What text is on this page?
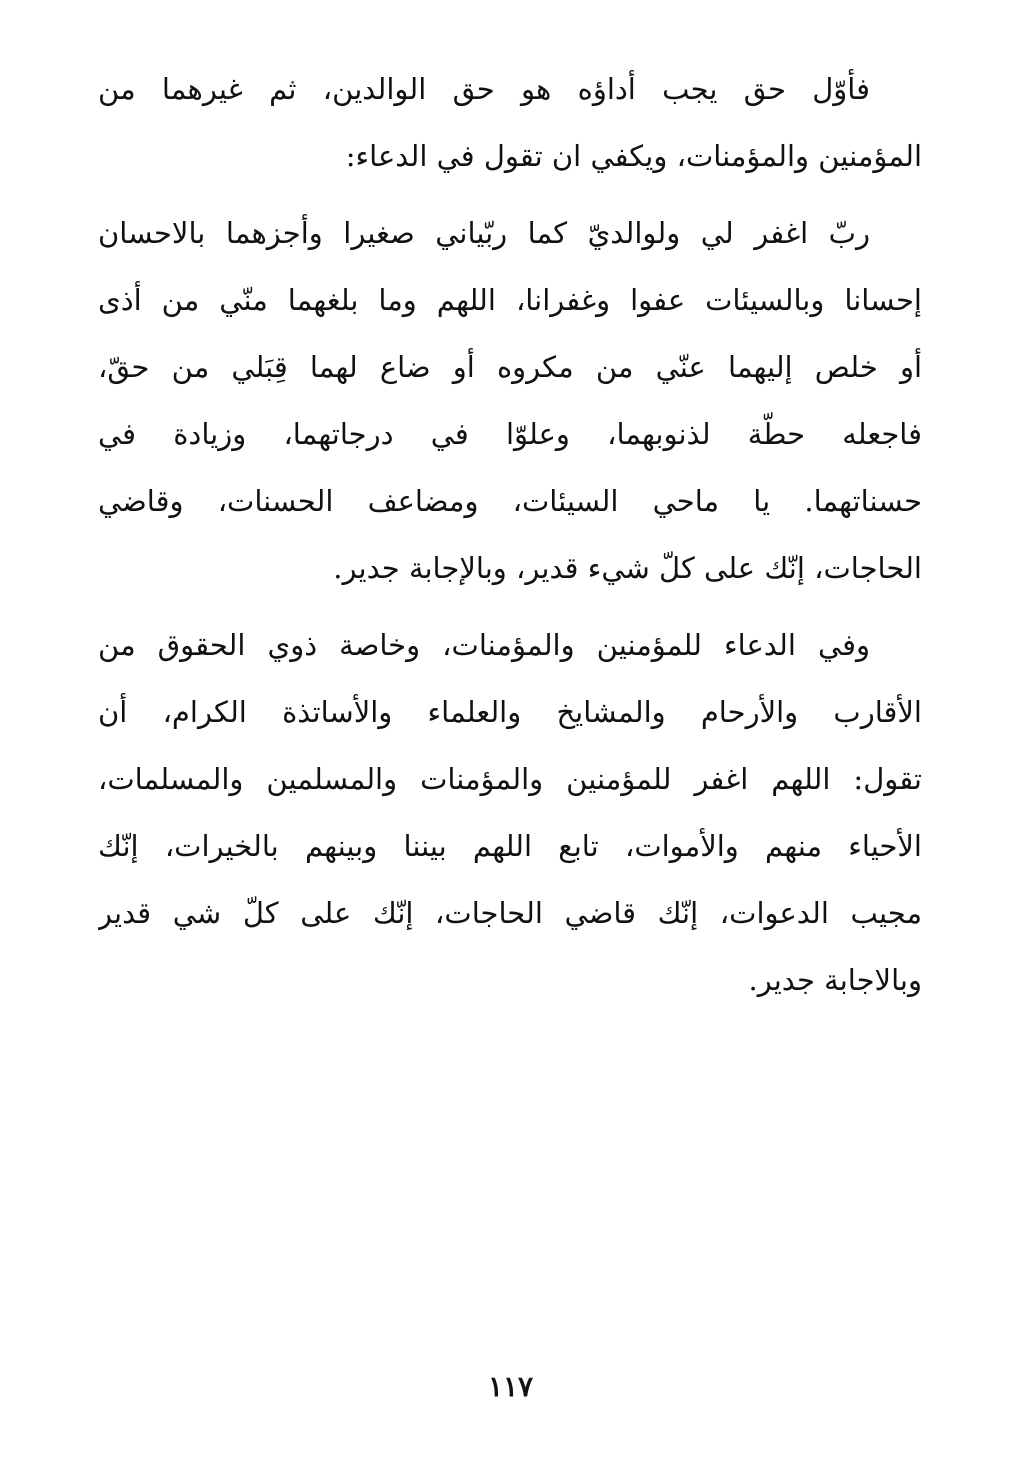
فأوّل حق يجب أداؤه هو حق الوالدين، ثم غيرهما من
المؤمنين والمؤمنات، ويكفي ان تقول في الدعاء:
ربّ اغفر لي ولوالديّ كما ربّياني صغيرا وأجزهما بالاحسان
إحسانا وبالسيئات عفوا وغفرانا، اللهم وما بلغهما منّي من أذى
أو خلص إليهما عنّي من مكروه أو ضاع لهما قِبَلي من حقّ،
فاجعله حطّة لذنوبهما، وعلوّا في درجاتهما، وزيادة في
حسناتهما. يا ماحي السيئات، ومضاعف الحسنات، وقاضي
الحاجات، إنّك على كلّ شيء قدير، وبالإجابة جدير.
وفي الدعاء للمؤمنين والمؤمنات، وخاصة ذوي الحقوق من
الأقارب والأرحام والمشايخ والعلماء والأساتذة الكرام، أن
تقول: اللهم اغفر للمؤمنين والمؤمنات والمسلمين والمسلمات،
الأحياء منهم والأموات، تابع اللهم بيننا وبينهم بالخيرات، إنّك
مجيب الدعوات، إنّك قاضي الحاجات، إنّك على كلّ شي قدير
وبالاجابة جدير.
١١٧
